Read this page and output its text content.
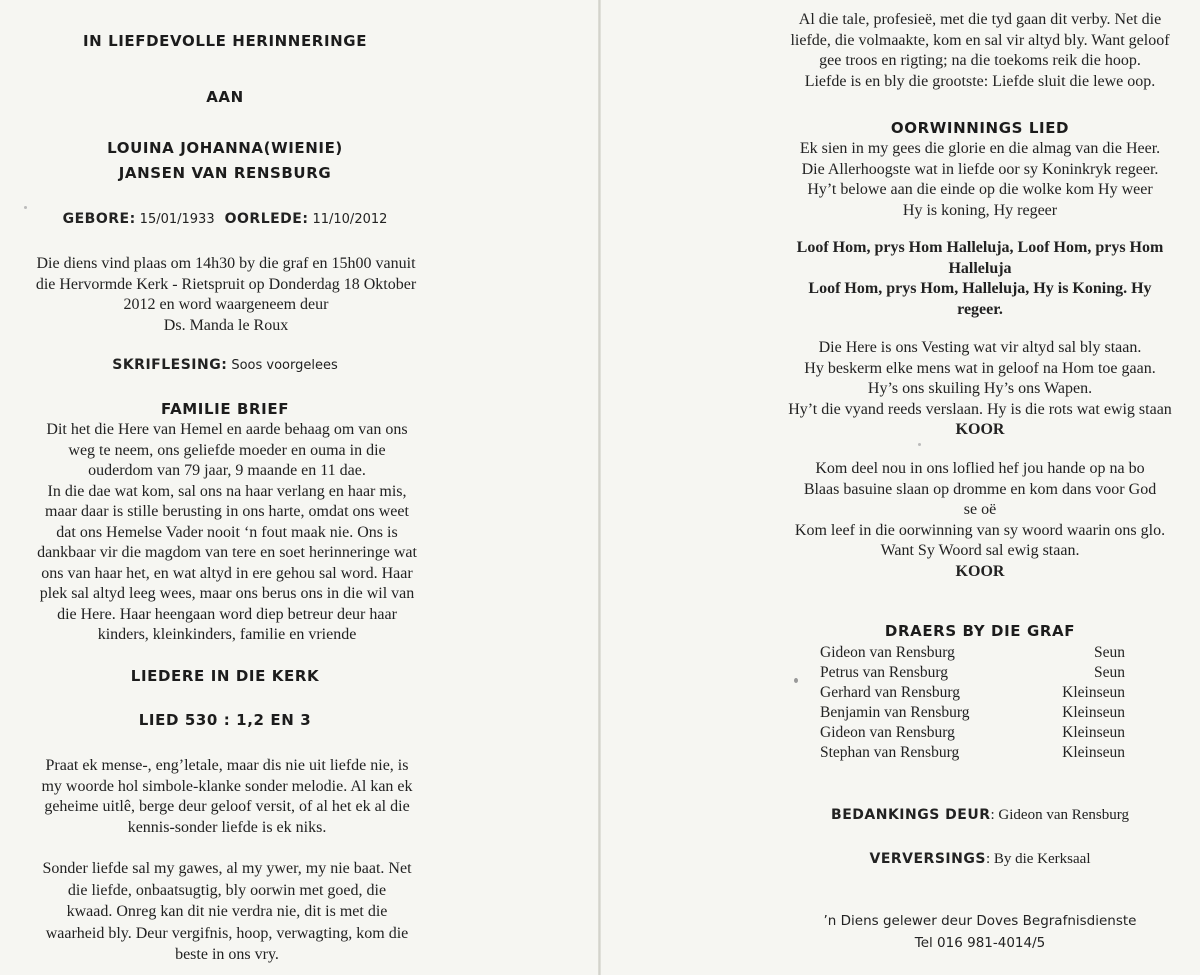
IN LIEFDEVOLLE HERINNERINGE
AAN
LOUINA JOHANNA(WIENIE)
JANSEN VAN RENSBURG
GEBORE: 15/01/1933 OORLEDE: 11/10/2012
Die diens vind plaas om 14h30 by die graf en 15h00 vanuit
die Hervormde Kerk - Rietspruit op Donderdag 18 Oktober
2012 en word waargeneem deur
Ds. Manda le Roux
SKRIFLESING: Soos voorgelees
FAMILIE BRIEF
Dit het die Here van Hemel en aarde behaag om van ons
weg te neem, ons geliefde moeder en ouma in die
ouderdom van 79 jaar, 9 maande en 11 dae.
In die dae wat kom, sal ons na haar verlang en haar mis,
maar daar is stille berusting in ons harte, omdat ons weet
dat ons Hemelse Vader nooit ‘n fout maak nie. Ons is
dankbaar vir die magdom van tere en soet herinneringe wat
ons van haar het, en wat altyd in ere gehou sal word. Haar
plek sal altyd leeg wees, maar ons berus ons in die wil van
die Here. Haar heengaan word diep betreur deur haar
kinders, kleinkinders, familie en vriende
LIEDERE IN DIE KERK
LIED 530 : 1,2 EN 3
Praat ek mense-, eng’letale, maar dis nie uit liefde nie, is
my woorde hol simbole-klanke sonder melodie. Al kan ek
geheime uitlê, berge deur geloof versit, of al het ek al die
kennis-sonder liefde is ek niks.
Sonder liefde sal my gawes, al my ywer, my nie baat. Net
die liefde, onbaatsugtig, bly oorwin met goed, die
kwaad. Onreg kan dit nie verdra nie, dit is met die
waarheid bly. Deur vergifnis, hoop, verwagting, kom die
beste in ons vry.
Al die tale, profesieë, met die tyd gaan dit verby. Net die
liefde, die volmaakte, kom en sal vir altyd bly. Want geloof
gee troos en rigting; na die toekoms reik die hoop.
Liefde is en bly die grootste: Liefde sluit die lewe oop.
OORWINNINGS LIED
Ek sien in my gees die glorie en die almag van die Heer.
Die Allerhoogste wat in liefde oor sy Koninkryk regeer.
Hy’t belowe aan die einde op die wolke kom Hy weer
Hy is koning, Hy regeer
Loof Hom, prys Hom Halleluja, Loof Hom, prys Hom
Halleluja
Loof Hom, prys Hom, Halleluja, Hy is Koning. Hy
regeer.
Die Here is ons Vesting wat vir altyd sal bly staan.
Hy beskerm elke mens wat in geloof na Hom toe gaan.
Hy’s ons skuiling Hy’s ons Wapen.
Hy’t die vyand reeds verslaan. Hy is die rots wat ewig staan
KOOR
Kom deel nou in ons loflied hef jou hande op na bo
Blaas basuine slaan op dromme en kom dans voor God
se oë
Kom leef in die oorwinning van sy woord waarin ons glo.
Want Sy Woord sal ewig staan.
KOOR
DRAERS BY DIE GRAF
BEDANKINGS DEUR: Gideon van Rensburg
VERVERSINGS: By die Kerksaal
’n Diens gelewer deur Doves Begrafnisdienste
Tel 016 981-4014/5
Gideon van Rensburg	Seun
Petrus van Rensburg	Seun
Gerhard van Rensburg	Kleinseun
Benjamin van Rensburg	Kleinseun
Gideon van Rensburg	Kleinseun
Stephan van Rensburg	Kleinseun
